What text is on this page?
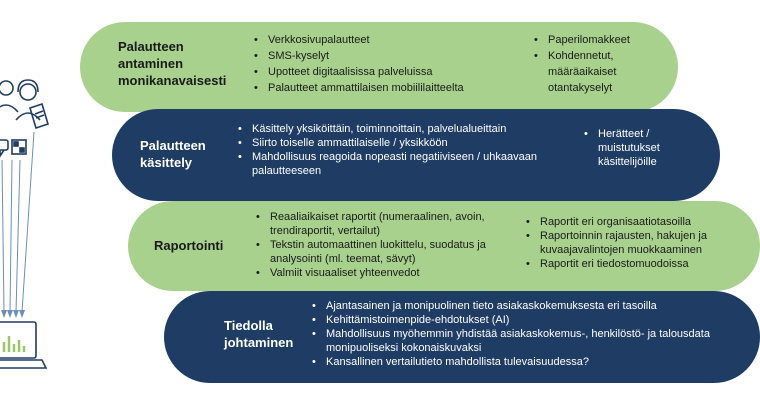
Palautteen antaminen monikanavaisesti
• Verkkosivupalautteet
• SMS-kyselyt
• Upotteet digitaalisissa palveluissa
• Palautteet ammattilaisen mobiililaitteelta
• Paperilomakkeet
• Kohdennetut, määräaikaiset otantakyselyt
Palautteen käsittely
• Käsittely yksiköittäin, toiminnoittain, palvelualueittain
• Siirto toiselle ammattilaiselle / yksikköön
• Mahdollisuus reagoida nopeasti negatiiviseen / uhkaavaan palautteeseen
• Herätteet / muistutukset käsittelijöille
Raportointi
• Reaaliaikaiset raportit (numeraalinen, avoin, trendiraportit, vertailut)
• Tekstin automaattinen luokittelu, suodatus ja analysointi (ml. teemat, sävyt)
• Valmiit visuaaliset yhteenvedot
• Raportit eri organisaatiotasoilla
• Raportoinnin rajausten, hakujen ja kuvaajavalintojen muokkaaminen
• Raportit eri tiedostomuodoissa
Tiedolla johtaminen
• Ajantasainen ja monipuolinen tieto asiakaskokemuksesta eri tasoilla
• Kehittämistoimenpide-ehdotukset (AI)
• Mahdollisuus myöhemmin yhdistää asiakaskokemus-, henkilöstö- ja talousdata monipuoliseksi kokonaiskuvaksi
• Kansallinen vertailutieto mahdollista tulevaisuudessa?
